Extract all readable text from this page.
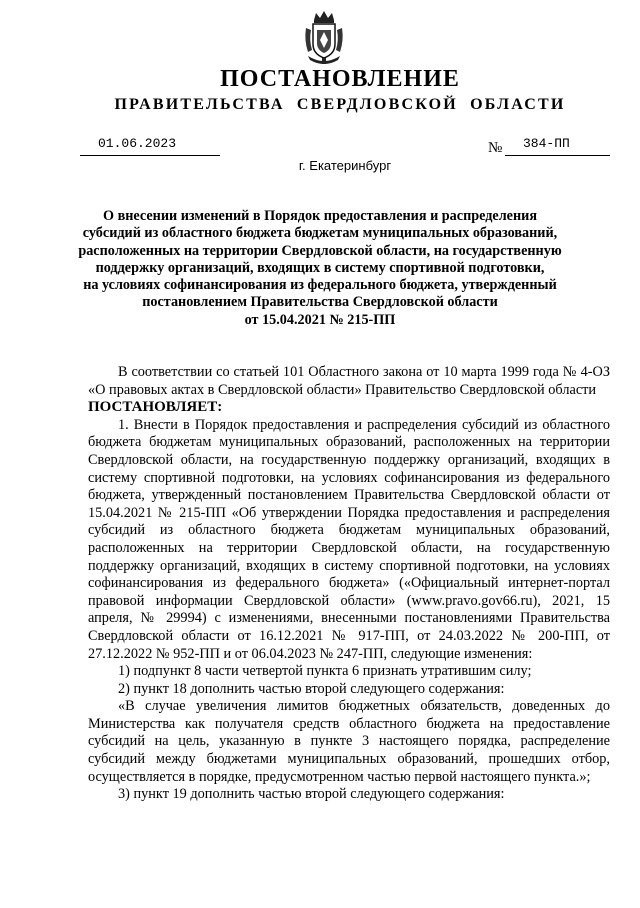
ПОСТАНОВЛЕНИЕ
ПРАВИТЕЛЬСТВА СВЕРДЛОВСКОЙ ОБЛАСТИ
01.06.2023	№	384-ПП
г. Екатеринбург
О внесении изменений в Порядок предоставления и распределения
субсидий из областного бюджета бюджетам муниципальных образований,
расположенных на территории Свердловской области, на государственную
поддержку организаций, входящих в систему спортивной подготовки,
на условиях софинансирования из федерального бюджета, утвержденный
постановлением Правительства Свердловской области
от 15.04.2021 № 215-ПП

В соответствии со статьей 101 Областного закона от 10 марта 1999 года № 4-ОЗ «О правовых актах в Свердловской области» Правительство Свердловской области

ПОСТАНОВЛЯЕТ:

1. Внести в Порядок предоставления и распределения субсидий из областного бюджета бюджетам муниципальных образований, расположенных на территории Свердловской области, на государственную поддержку организаций, входящих в систему спортивной подготовки, на условиях софинансирования из федерального бюджета, утвержденный постановлением Правительства Свердловской области от 15.04.2021 № 215-ПП «Об утверждении Порядка предоставления и распределения субсидий из областного бюджета бюджетам муниципальных образований, расположенных на территории Свердловской области, на государственную поддержку организаций, входящих в систему спортивной подготовки, на условиях софинансирования из федерального бюджета» («Официальный интернет-портал правовой информации Свердловской области» (www.pravo.gov66.ru), 2021, 15 апреля, № 29994) с изменениями, внесенными постановлениями Правительства Свердловской области от 16.12.2021 № 917-ПП, от 24.03.2022 № 200-ПП, от 27.12.2022 № 952-ПП и от 06.04.2023 № 247-ПП, следующие изменения:

1) подпункт 8 части четвертой пункта 6 признать утратившим силу;

2) пункт 18 дополнить частью второй следующего содержания:

«В случае увеличения лимитов бюджетных обязательств, доведенных до Министерства как получателя средств областного бюджета на предоставление субсидий на цель, указанную в пункте 3 настоящего порядка, распределение субсидий между бюджетами муниципальных образований, прошедших отбор, осуществляется в порядке, предусмотренном частью первой настоящего пункта.»;

3) пункт 19 дополнить частью второй следующего содержания:
